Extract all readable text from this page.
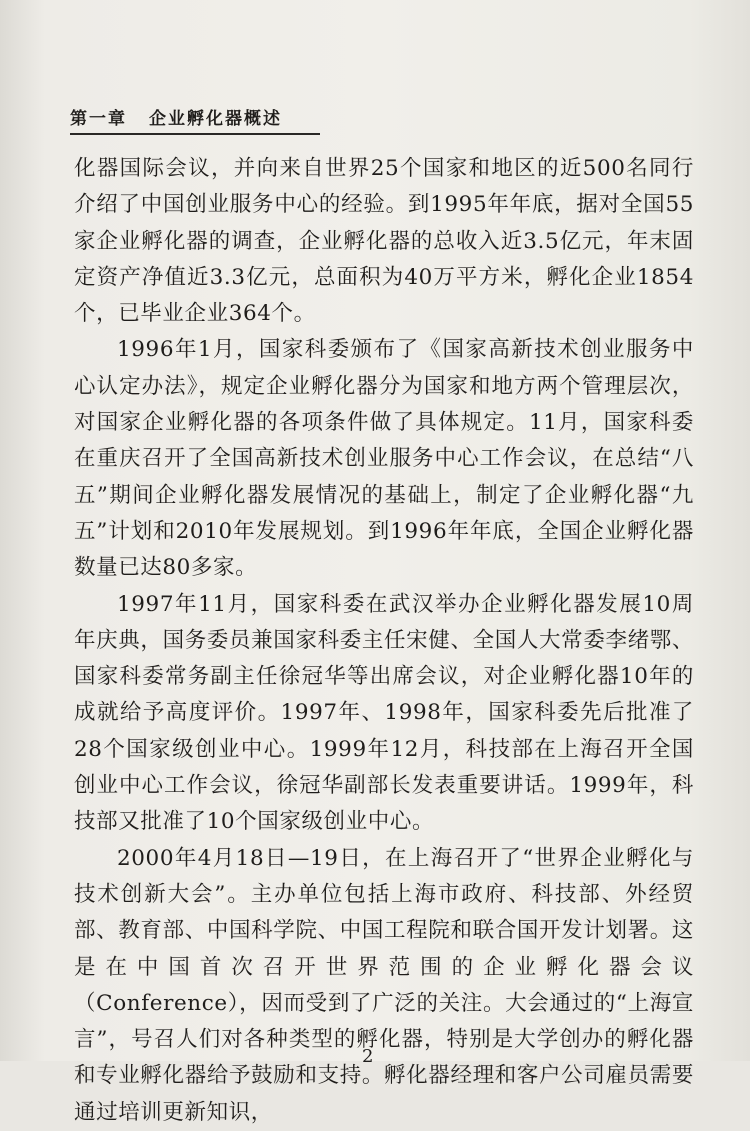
第一章 企业孵化器概述

化器国际会议，并向来自世界25个国家和地区的近500名同行介绍了中国创业服务中心的经验。到1995年年底，据对全国55家企业孵化器的调查，企业孵化器的总收入近3.5亿元，年末固定资产净值近3.3亿元，总面积为40万平方米，孵化企业1854个，已毕业企业364个。

1996年1月，国家科委颁布了《国家高新技术创业服务中心认定办法》，规定企业孵化器分为国家和地方两个管理层次，对国家企业孵化器的各项条件做了具体规定。11月，国家科委在重庆召开了全国高新技术创业服务中心工作会议，在总结“八五”期间企业孵化器发展情况的基础上，制定了企业孵化器“九五”计划和2010年发展规划。到1996年年底，全国企业孵化器数量已达80多家。

1997年11月，国家科委在武汉举办企业孵化器发展10周年庆典，国务委员兼国家科委主任宋健、全国人大常委李绪鄂、国家科委常务副主任徐冠华等出席会议，对企业孵化器10年的成就给予高度评价。1997年、1998年，国家科委先后批准了28个国家级创业中心。1999年12月，科技部在上海召开全国创业中心工作会议，徐冠华副部长发表重要讲话。1999年，科技部又批准了10个国家级创业中心。

2000年4月18日—19日，在上海召开了“世界企业孵化与技术创新大会”。主办单位包括上海市政府、科技部、外经贸部、教育部、中国科学院、中国工程院和联合国开发计划署。这是在中国首次召开世界范围的企业孵化器会议（Conference），因而受到了广泛的关注。大会通过的“上海宣言”，号召人们对各种类型的孵化器，特别是大学创办的孵化器和专业孵化器给予鼓励和支持。孵化器经理和客户公司雇员需要通过培训更新知识，

2
